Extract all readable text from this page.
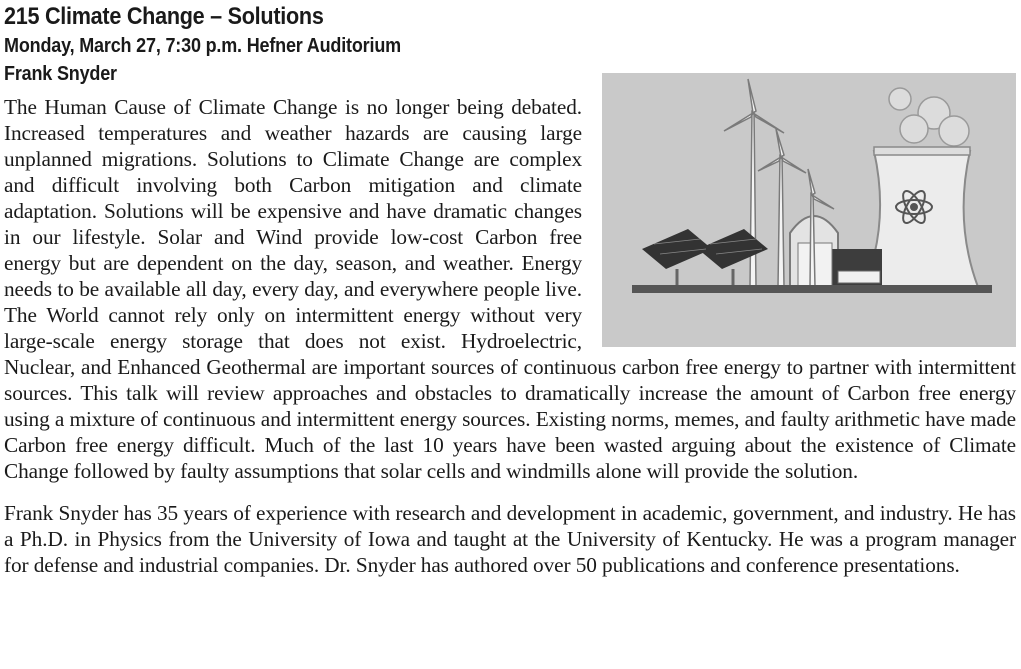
215 Climate Change – Solutions
Monday, March 27, 7:30 p.m. Hefner Auditorium
Frank Snyder

The Human Cause of Climate Change is no longer being debated. Increased temperatures and weather hazards are causing large unplanned migrations. Solutions to Climate Change are complex and difficult involving both Carbon mitigation and climate adaptation. Solutions will be expensive and have dramatic changes in our lifestyle. Solar and Wind provide low-cost Carbon free energy but are dependent on the day, season, and weather. Energy needs to be available all day, every day, and everywhere people live. The World cannot rely only on intermittent energy without very large-scale energy storage that does not exist. Hydroelectric, Nuclear, and Enhanced Geothermal are important sources of continuous carbon free energy to partner with intermittent sources. This talk will review approaches and obstacles to dramatically increase the amount of Carbon free energy using a mixture of continuous and intermittent energy sources. Existing norms, memes, and faulty arithmetic have made Carbon free energy difficult. Much of the last 10 years have been wasted arguing about the existence of Climate Change followed by faulty assumptions that solar cells and windmills alone will provide the solution.

Frank Snyder has 35 years of experience with research and development in academic, government, and industry. He has a Ph.D. in Physics from the University of Iowa and taught at the University of Kentucky. He was a program manager for defense and industrial companies. Dr. Snyder has authored over 50 publications and conference presentations.
